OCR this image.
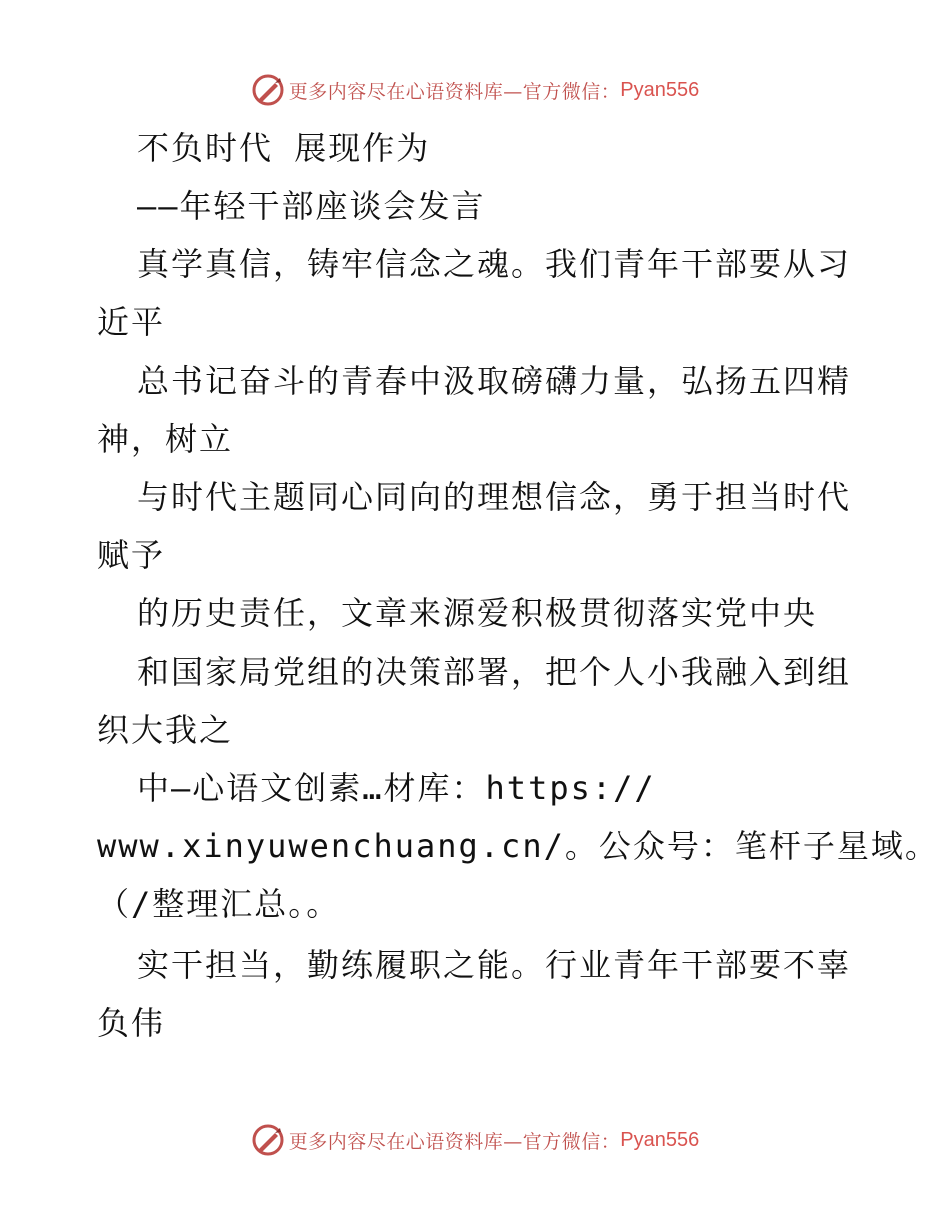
更多内容尽在心语资料库—官方微信： Pyan556
不负时代 展现作为
——年轻干部座谈会发言
真学真信，铸牢信念之魂。我们青年干部要从习
近平
总书记奋斗的青春中汲取磅礴力量，弘扬五四精
神，树立
与时代主题同心同向的理想信念，勇于担当时代
赋予
的历史责任，文章来源爱积极贯彻落实党中央
和国家局党组的决策部署，把个人小我融入到组
织大我之
中—心语文创素…材库：https://
www.xinyuwenchuang.cn/。公众号：笔杆子星域。
（/整理汇总。。
实干担当，勤练履职之能。行业青年干部要不辜
负伟
更多内容尽在心语资料库—官方微信： Pyan556
